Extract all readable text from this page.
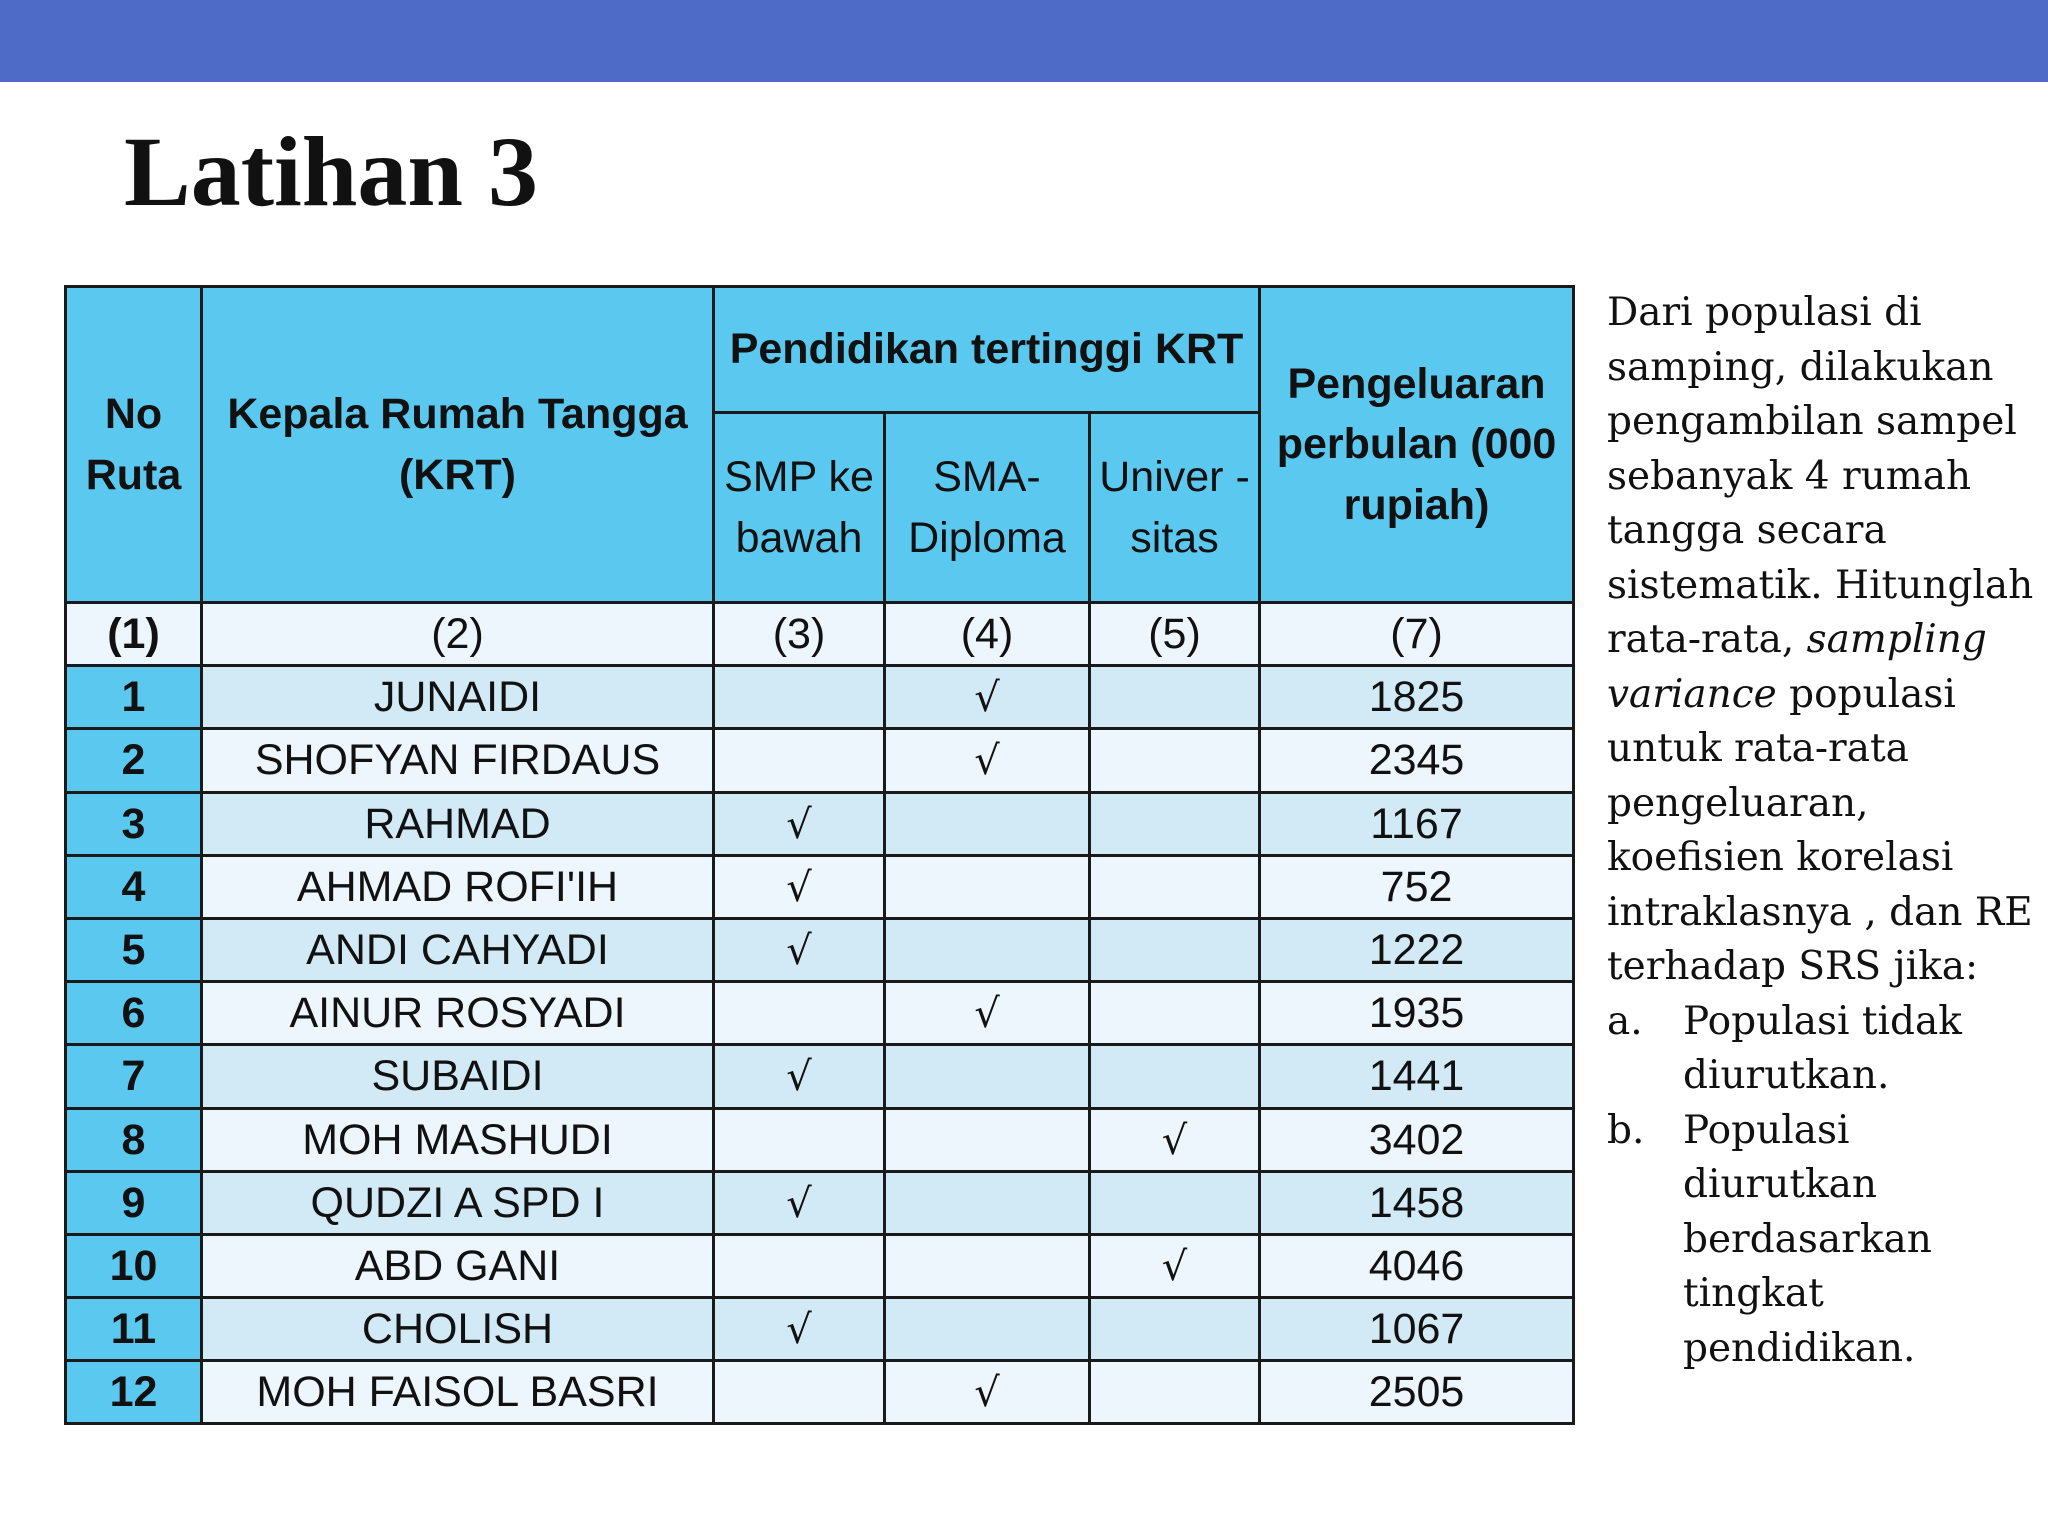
Latihan 3
No Ruta	Kepala Rumah Tangga (KRT)	Pendidikan tertinggi KRT			Pengeluaran perbulan (000 rupiah)
		SMP ke bawah	SMA-Diploma	Univer -sitas	
(1)	(2)	(3)	(4)	(5)	(7)
1	JUNAIDI		√		1825
2	SHOFYAN FIRDAUS		√		2345
3	RAHMAD	√			1167
4	AHMAD ROFI'IH	√			752
5	ANDI CAHYADI	√			1222
6	AINUR ROSYADI		√		1935
7	SUBAIDI	√			1441
8	MOH MASHUDI			√	3402
9	QUDZI A SPD I	√			1458
10	ABD GANI			√	4046
11	CHOLISH	√			1067
12	MOH FAISOL BASRI		√		2505

Dari populasi di samping, dilakukan pengambilan sampel sebanyak 4 rumah tangga secara sistematik. Hitunglah rata-rata, sampling variance populasi untuk rata-rata pengeluaran, koefisien korelasi intraklasnya , dan RE terhadap SRS jika:

a.	Populasi tidak diurutkan.
b. Populasi diurutkan berdasarkan tingkat pendidikan.
